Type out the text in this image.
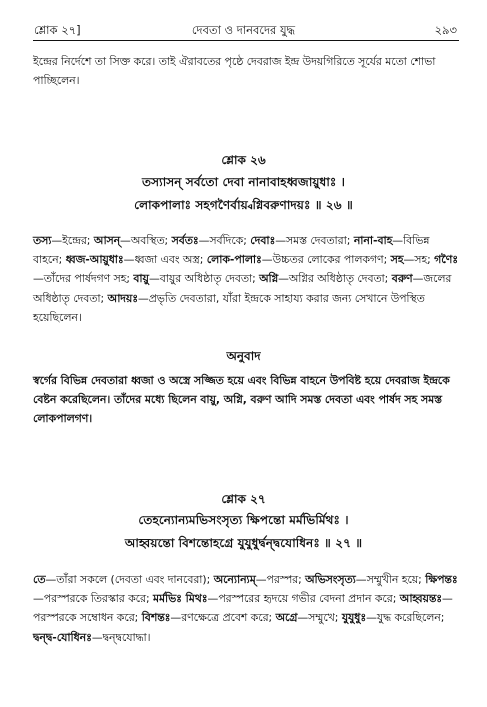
শ্লোক ২৭]	দেবতা ও দানবদের যুদ্ধ	২৯৩

ইন্দ্রের নির্দেশে তা সিক্ত করে। তাই ঐরাবতের পৃষ্ঠে দেবরাজ ইন্দ্র উদয়গিরিতে সূর্যের মতো শোভা পাচ্ছিলেন।

শ্লোক ২৬

তস্যাসন্ সর্বতো দেবা নানাবাহধ্বজায়ুধাঃ ।
লোকপালাঃ সহগণৈর্বায়্বগ্নিবরুণাদয়ঃ ॥ ২৬ ॥

তস্য—ইন্দ্রের; আসন্—অবস্থিত; সর্বতঃ—সর্বদিকে; দেবাঃ—সমস্ত দেবতারা; নানা-বাহ—বিভিন্ন বাহনে; ধ্বজ-আয়ুধাঃ—ধ্বজা এবং অস্ত্র; লোক-পালাঃ—উচ্চতর লোকের পালকগণ; সহ—সহ; গণৈঃ—তাঁদের পার্ষদগণ সহ; বায়ু—বায়ুর অধিষ্ঠাতৃ দেবতা; অগ্নি—অগ্নির অধিষ্ঠাতৃ দেবতা; বরুণ—জলের অধিষ্ঠাতৃ দেবতা; আদয়ঃ—প্রভৃতি দেবতারা, যাঁরা ইন্দ্রকে সাহায্য করার জন্য সেখানে উপস্থিত হয়েছিলেন।

অনুবাদ

স্বর্গের বিভিন্ন দেবতারা ধ্বজা ও অস্ত্রে সজ্জিত হয়ে এবং বিভিন্ন বাহনে উপবিষ্ট হয়ে দেবরাজ ইন্দ্রকে বেষ্টন করেছিলেন। তাঁদের মধ্যে ছিলেন বায়ু, অগ্নি, বরুণ আদি সমস্ত দেবতা এবং পার্ষদ সহ সমস্ত লোকপালগণ।

শ্লোক ২৭

তেহন্যোন্যমভিসংসৃত্য ক্ষিপন্তো মর্মভির্মিথঃ ।
আহ্বয়ন্তো বিশন্তোহগ্রে যুযুধুর্দ্বন্দ্বযোধিনঃ ॥ ২৭ ॥

তে—তাঁরা সকলে (দেবতা এবং দানবেরা); অন্যোন্যম্—পরস্পর; অভিসংসৃত্য—সম্মুখীন হয়ে; ক্ষিপন্তঃ—পরস্পরকে তিরস্কার করে; মর্মভিঃ মিথঃ—পরস্পরের হৃদয়ে গভীর বেদনা প্রদান করে; আহ্বয়ন্তঃ—পরস্পরকে সম্বোধন করে; বিশন্তঃ—রণক্ষেত্রে প্রবেশ করে; অগ্রে—সম্মুখে; যুযুধুঃ—যুদ্ধ করেছিলেন; দ্বন্দ্ব-যোধিনঃ—দ্বন্দ্বযোদ্ধা।
